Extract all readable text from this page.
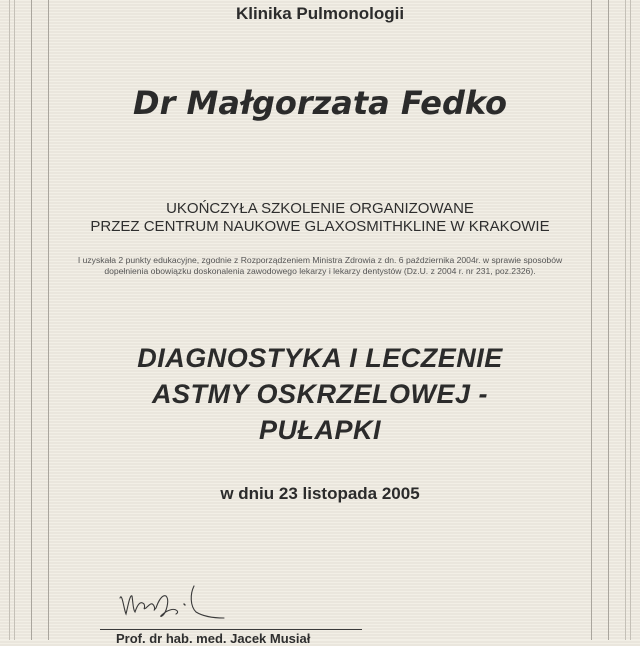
Klinika Pulmonologii
Dr Małgorzata Fedko
UKOŃCZYŁA SZKOLENIE ORGANIZOWANE
PRZEZ CENTRUM NAUKOWE GLAXOSMITHKLINE W KRAKOWIE
I uzyskała 2 punkty edukacyjne, zgodnie z Rozporządzeniem Ministra Zdrowia z dn. 6 października 2004r. w sprawie sposobów
dopełnienia obowiązku doskonalenia zawodowego lekarzy i lekarzy dentystów (Dz.U. z 2004 r. nr 231, poz.2326).
DIAGNOSTYKA I LECZENIE
ASTMY OSKRZELOWEJ -
PUŁAPKI
w dniu 23 listopada 2005
Prof. dr hab. med. Jacek Musiał
